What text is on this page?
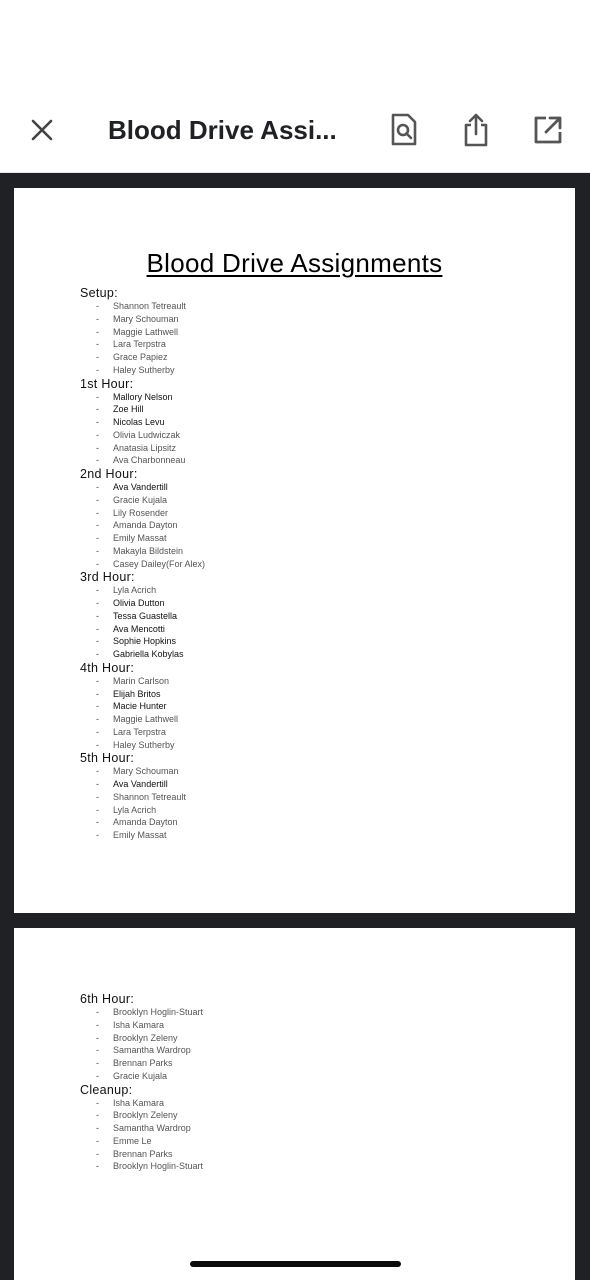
Blood Drive Assi...
Blood Drive Assignments
Setup:
- Shannon Tetreault
- Mary Schouman
- Maggie Lathwell
- Lara Terpstra
- Grace Papiez
- Haley Sutherby
1st Hour:
- Mallory Nelson
- Zoe Hill
- Nicolas Levu
- Olivia Ludwiczak
- Anatasia Lipsitz
- Ava Charbonneau
2nd Hour:
- Ava Vandertill
- Gracie Kujala
- Lily Rosender
- Amanda Dayton
- Emily Massat
- Makayla Bildstein
- Casey Dailey(For Alex)
3rd Hour:
- Lyla Acrich
- Olivia Dutton
- Tessa Guastella
- Ava Mencotti
- Sophie Hopkins
- Gabriella Kobylas
4th Hour:
- Marin Carlson
- Elijah Britos
- Macie Hunter
- Maggie Lathwell
- Lara Terpstra
- Haley Sutherby
5th Hour:
- Mary Schouman
- Ava Vandertill
- Shannon Tetreault
- Lyla Acrich
- Amanda Dayton
- Emily Massat
6th Hour:
- Brooklyn Hoglin-Stuart
- Isha Kamara
- Brooklyn Zeleny
- Samantha Wardrop
- Brennan Parks
- Gracie Kujala
Cleanup:
- Isha Kamara
- Brooklyn Zeleny
- Samantha Wardrop
- Emme Le
- Brennan Parks
- Brooklyn Hoglin-Stuart
